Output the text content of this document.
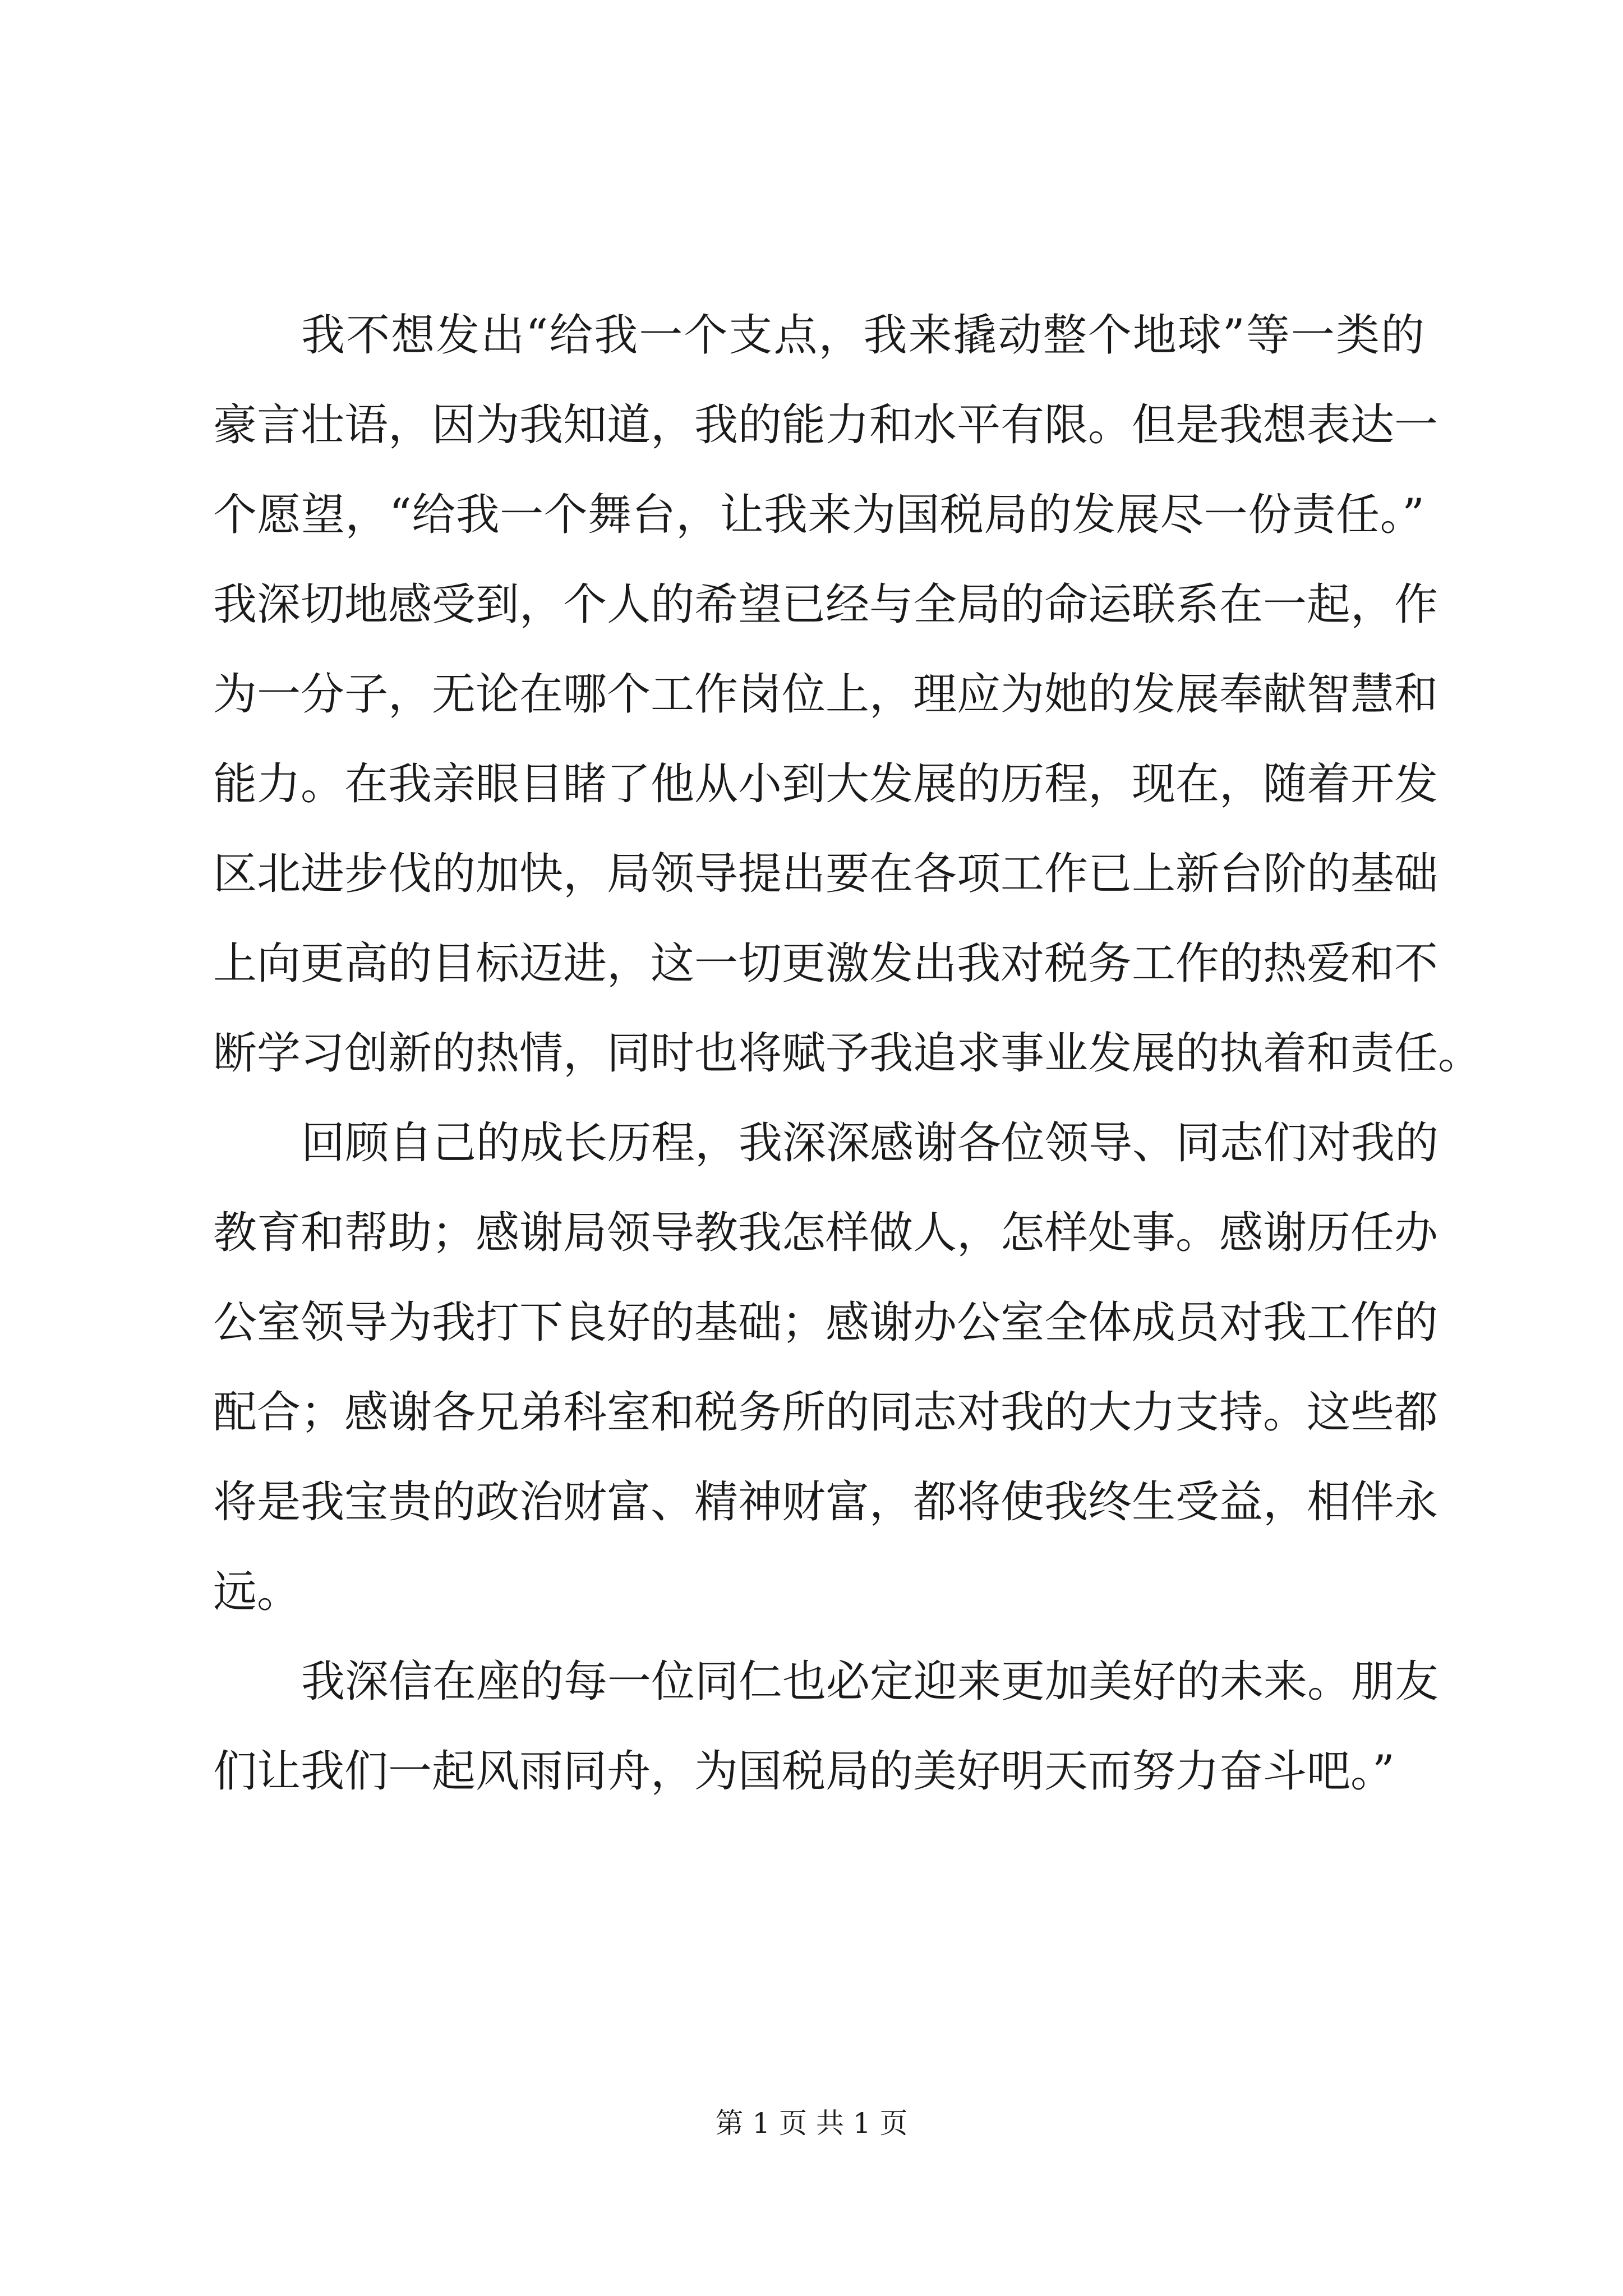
我不想发出“给我一个支点，我来撬动整个地球”等一类的
豪言壮语，因为我知道，我的能力和水平有限。但是我想表达一
个愿望，“给我一个舞台，让我来为国税局的发展尽一份责任。”
我深切地感受到，个人的希望已经与全局的命运联系在一起，作
为一分子，无论在哪个工作岗位上，理应为她的发展奉献智慧和
能力。在我亲眼目睹了他从小到大发展的历程，现在，随着开发
区北进步伐的加快，局领导提出要在各项工作已上新台阶的基础
上向更高的目标迈进，这一切更激发出我对税务工作的热爱和不
断学习创新的热情，同时也将赋予我追求事业发展的执着和责任。
回顾自己的成长历程，我深深感谢各位领导、同志们对我的
教育和帮助；感谢局领导教我怎样做人，怎样处事。感谢历任办
公室领导为我打下良好的基础；感谢办公室全体成员对我工作的
配合；感谢各兄弟科室和税务所的同志对我的大力支持。这些都
将是我宝贵的政治财富、精神财富，都将使我终生受益，相伴永
远。
我深信在座的每一位同仁也必定迎来更加美好的未来。朋友
们让我们一起风雨同舟，为国税局的美好明天而努力奋斗吧。”
第 1 页 共 1 页
